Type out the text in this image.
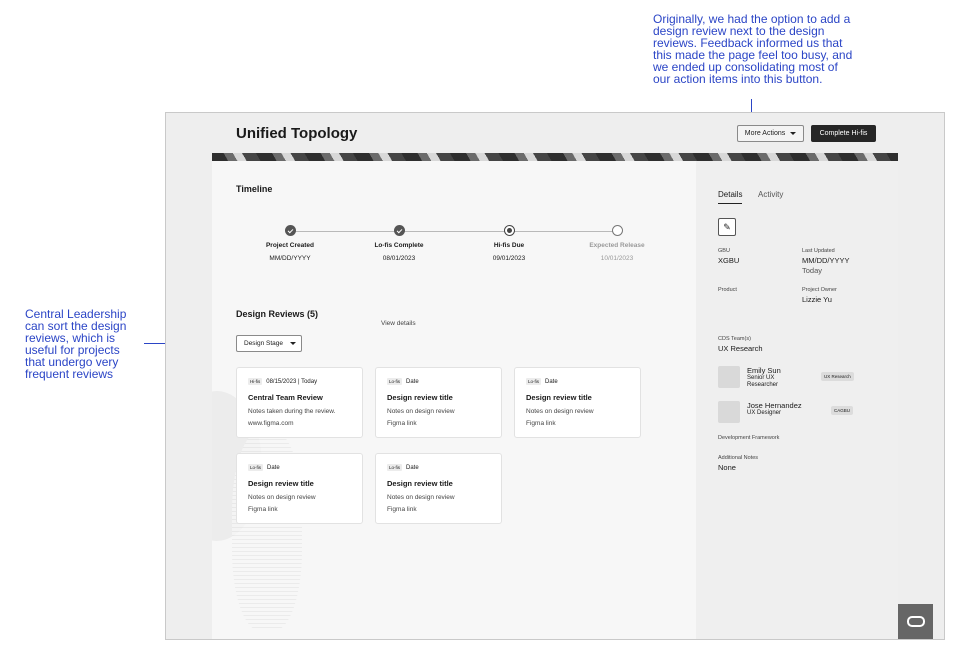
Originally, we had the option to add a
design review next to the design
reviews. Feedback informed us that
this made the page feel too busy, and
we ended up consolidating most of
our action items into this button.
Central Leadership
can sort the design
reviews, which is
useful for projects
that undergo very
frequent reviews
Unified Topology	More Actions	Complete Hi-fis
Timeline
Project Created
MM/DD/YYYY
Lo-fis Complete
08/01/2023
Hi-fis Due
09/01/2023
Expected Release
10/01/2023
View details
Design Reviews (5)
Design Stage
Hi-fis	08/15/2023 | Today
Central Team Review
Notes taken during the review.
www.figma.com
Lo-fis	Date
Design review title
Notes on design review
Figma link
Lo-fis	Date
Design review title
Notes on design review
Figma link
Lo-fis	Date
Design review title
Notes on design review
Figma link
Lo-fis	Date
Design review title
Notes on design review
Figma link
Details Activity
✎
GBU
XGBU
Last Updated
MM/DD/YYYY
Today
Product	Project Owner
Lizzie Yu
CDS Team(s)
UX Research
Emily Sun
Senior UX Researcher
UX Research
Jose Hernandez
UX Designer	CAGBU
Development Framework
Additional Notes
None
